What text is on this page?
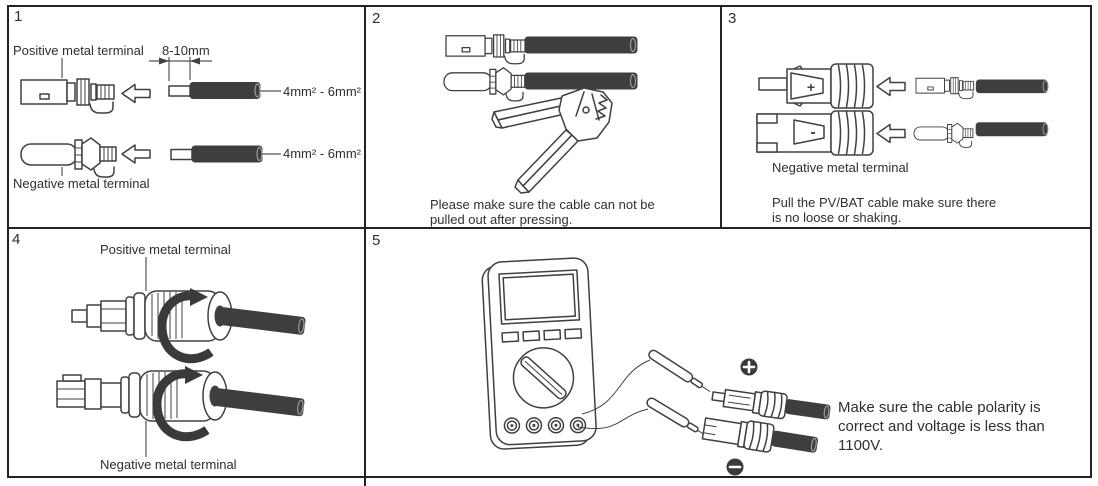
+
-
1
Positive metal terminal 8-10mm
4mm² - 6mm²
4mm² - 6mm²
Negative metal terminal
2
Please make sure the cable can not be
pulled out after pressing.
3
Negative metal terminal
Pull the PV/BAT cable make sure there
is no loose or shaking.
4
Positive metal terminal
Negative metal terminal
5
Make sure the cable polarity is
correct and voltage is less than
1100V.
